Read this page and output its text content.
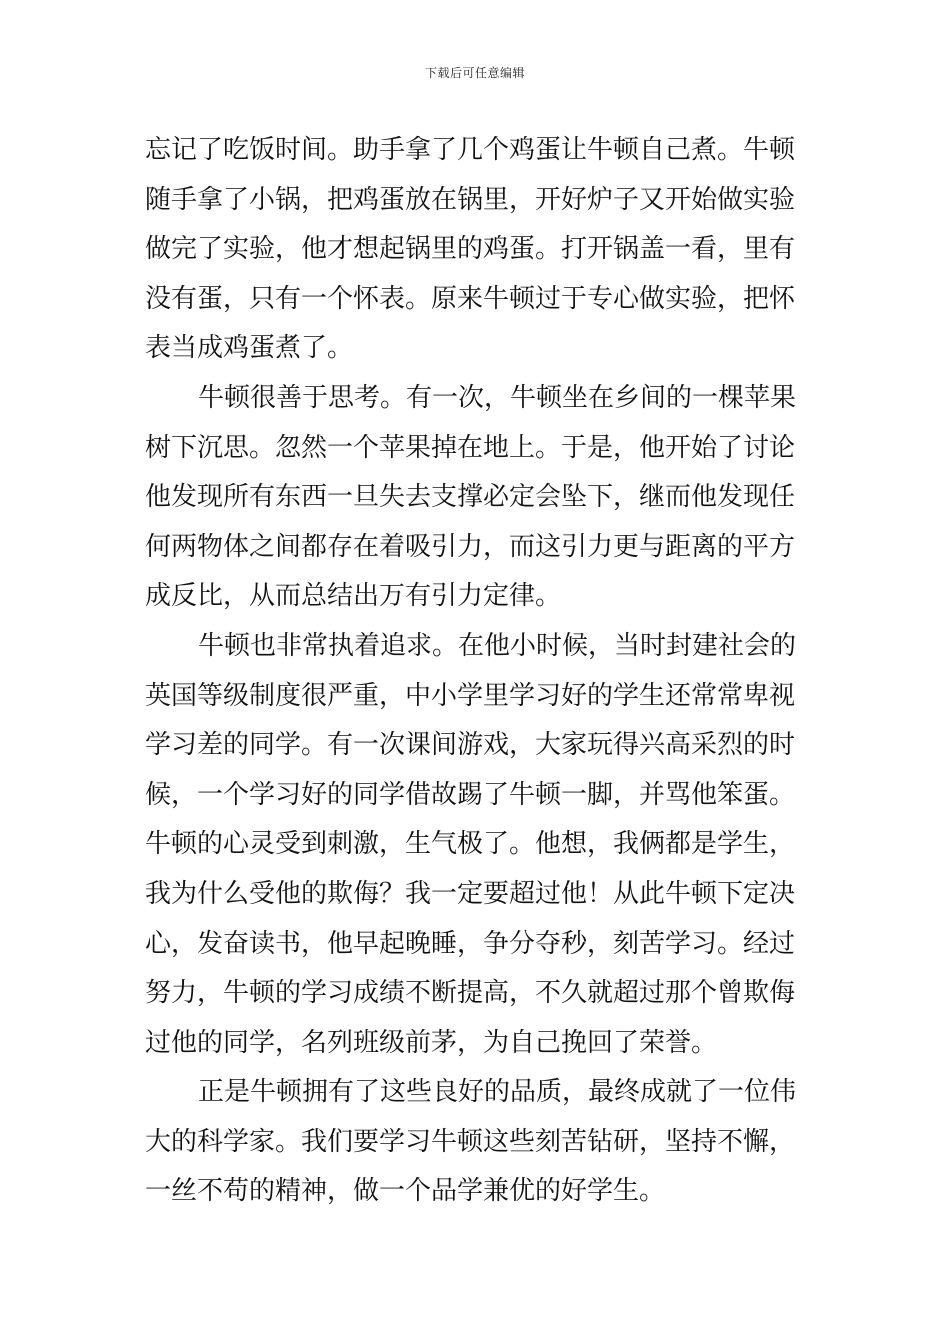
下载后可任意编辑
忘记了吃饭时间。助手拿了几个鸡蛋让牛顿自己煮。牛顿
随手拿了小锅，把鸡蛋放在锅里，开好炉子又开始做实验
做完了实验，他才想起锅里的鸡蛋。打开锅盖一看，里有
没有蛋，只有一个怀表。原来牛顿过于专心做实验，把怀
表当成鸡蛋煮了。
牛顿很善于思考。有一次，牛顿坐在乡间的一棵苹果
树下沉思。忽然一个苹果掉在地上。于是，他开始了讨论
他发现所有东西一旦失去支撑必定会坠下，继而他发现任
何两物体之间都存在着吸引力，而这引力更与距离的平方
成反比，从而总结出万有引力定律。
牛顿也非常执着追求。在他小时候，当时封建社会的
英国等级制度很严重，中小学里学习好的学生还常常卑视
学习差的同学。有一次课间游戏，大家玩得兴高采烈的时
候，一个学习好的同学借故踢了牛顿一脚，并骂他笨蛋。
牛顿的心灵受到刺激，生气极了。他想，我俩都是学生，
我为什么受他的欺侮？我一定要超过他！从此牛顿下定决
心，发奋读书，他早起晚睡，争分夺秒，刻苦学习。经过
努力，牛顿的学习成绩不断提高，不久就超过那个曾欺侮
过他的同学，名列班级前茅，为自己挽回了荣誉。
正是牛顿拥有了这些良好的品质，最终成就了一位伟
大的科学家。我们要学习牛顿这些刻苦钻研，坚持不懈，
一丝不苟的精神，做一个品学兼优的好学生。
